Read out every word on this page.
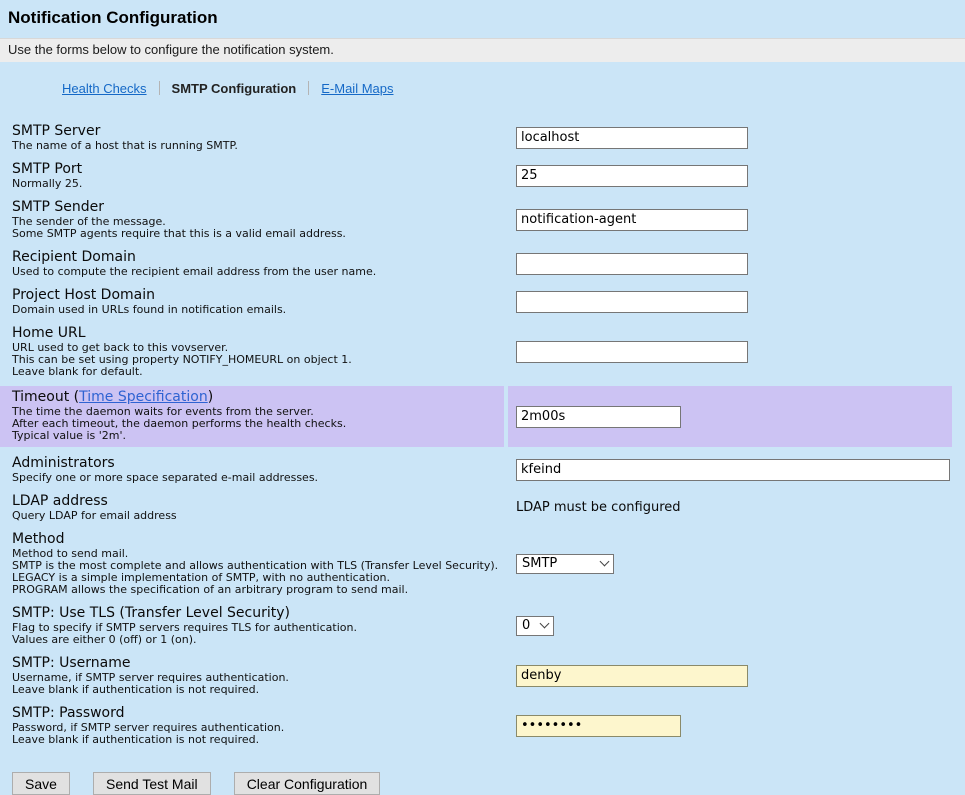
Notification Configuration
Use the forms below to configure the notification system.
Health Checks SMTP Configuration E-Mail Maps
SMTP Server
The name of a host that is running SMTP.
localhost
SMTP Port
Normally 25.
25
SMTP Sender
The sender of the message.
Some SMTP agents require that this is a valid email address.
notification-agent
Recipient Domain
Used to compute the recipient email address from the user name.
Project Host Domain
Domain used in URLs found in notification emails.
Home URL
URL used to get back to this vovserver.
This can be set using property NOTIFY_HOMEURL on object 1.
Leave blank for default.
Timeout (Time Specification)
The time the daemon waits for events from the server.
After each timeout, the daemon performs the health checks.
Typical value is '2m'.
2m00s
Administrators
Specify one or more space separated e-mail addresses.
kfeind
LDAP address
Query LDAP for email address
LDAP must be configured
Method
Method to send mail.
SMTP is the most complete and allows authentication with TLS (Transfer Level Security).
LEGACY is a simple implementation of SMTP, with no authentication.
PROGRAM allows the specification of an arbitrary program to send mail.
SMTP
SMTP: Use TLS (Transfer Level Security)
Flag to specify if SMTP servers requires TLS for authentication.
Values are either 0 (off) or 1 (on).
0
SMTP: Username
Username, if SMTP server requires authentication.
Leave blank if authentication is not required.
denby
SMTP: Password
Password, if SMTP server requires authentication.
Leave blank if authentication is not required.
••••••••
Save	Send Test Mail	Clear Configuration
